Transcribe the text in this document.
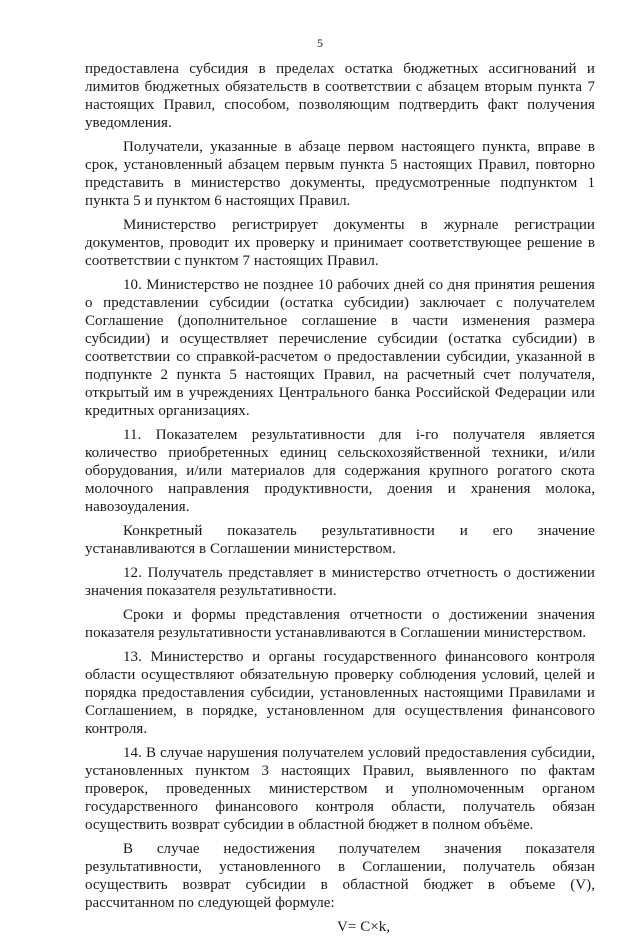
5

предоставлена субсидия в пределах остатка бюджетных ассигнований и лимитов бюджетных обязательств в соответствии с абзацем вторым пункта 7 настоящих Правил, способом, позволяющим подтвердить факт получения уведомления.

Получатели, указанные в абзаце первом настоящего пункта, вправе в срок, установленный абзацем первым пункта 5 настоящих Правил, повторно представить в министерство документы, предусмотренные подпунктом 1 пункта 5 и пунктом 6 настоящих Правил.

Министерство регистрирует документы в журнале регистрации документов, проводит их проверку и принимает соответствующее решение в соответствии с пунктом 7 настоящих Правил.

10. Министерство не позднее 10 рабочих дней со дня принятия решения о представлении субсидии (остатка субсидии) заключает с получателем Соглашение (дополнительное соглашение в части изменения размера субсидии) и осуществляет перечисление субсидии (остатка субсидии) в соответствии со справкой-расчетом о предоставлении субсидии, указанной в подпункте 2 пункта 5 настоящих Правил, на расчетный счет получателя, открытый им в учреждениях Центрального банка Российской Федерации или кредитных организациях.

11. Показателем результативности для i-го получателя является количество приобретенных единиц сельскохозяйственной техники, и/или оборудования, и/или материалов для содержания крупного рогатого скота молочного направления продуктивности, доения и хранения молока, навозоудаления.

Конкретный показатель результативности и его значение устанавливаются в Соглашении министерством.

12. Получатель представляет в министерство отчетность о достижении значения показателя результативности.

Сроки и формы представления отчетности о достижении значения показателя результативности устанавливаются в Соглашении министерством.

13. Министерство и органы государственного финансового контроля области осуществляют обязательную проверку соблюдения условий, целей и порядка предоставления субсидии, установленных настоящими Правилами и Соглашением, в порядке, установленном для осуществления финансового контроля.

14. В случае нарушения получателем условий предоставления субсидии, установленных пунктом 3 настоящих Правил, выявленного по фактам проверок, проведенных министерством и уполномоченным органом государственного финансового контроля области, получатель обязан осуществить возврат субсидии в областной бюджет в полном объёме.

В случае недостижения получателем значения показателя результативности, установленного в Соглашении, получатель обязан осуществить возврат субсидии в областной бюджет в объеме (V), рассчитанном по следующей формуле:

V= C×k,
